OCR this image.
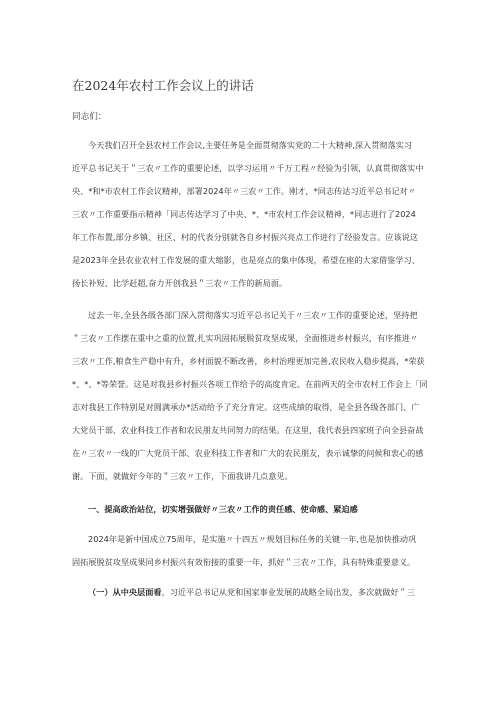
在2024年农村工作会议上的讲话
同志们：
今天我们召开全县农村工作会议,主要任务是全面贯彻落实党的二十大精神,深入贯彻落实习
近平总书记关于＂三农〃工作的重要论述，以学习运用〃千万工程〃经验为引领，认真贯彻落实中
央、*和*市农村工作会议精神，部署2024年〃三农〃工作。刚才，*同志传达习近平总书记对〃
三农〃工作重要指示精神「同志传达学习了中央、*、*市农村工作会议精神，*同志进行了2024
年工作布置,部分乡镇、社区、村的代表分别就各自乡村振兴亮点工作进行了经验发言。应该说这
是2023年全县农业农村工作发展的重大缩影，也是亮点的集中体现，希望在座的大家借鉴学习、
扬长补短、比学赶超,奋力开创我县＂三农〃工作的新局面。
过去一年,全县各级各部门深入贯彻落实习近平总书记关于〃三农〃工作的重要论述，坚持把
＂三农〃工作摆在重中之重的位置,扎实巩固拓展脱贫攻坚成果，全面推进乡村振兴，有序推进〃
三农〃工作,粮食生产稳中有升，乡村面貌不断改善，乡村治理更加完善,农民收入稳步提高，*荣获
*、*、*等荣誉。这是对我县乡村振兴各项工作给予的高度肯定。在前两天的全市农村工作会上「同
志对我县工作特别是对圆满承办*活动给予了充分肯定。这些成绩的取得，是全县各级各部门、广
大党员干部、农业科技工作者和农民朋友共同努力的结果。在这里，我代表县四家班子向全县奋战
在〃三农〃一线的广大党员干部、农业科技工作者和广大的农民朋友，表示诚挚的问候和衷心的感
谢。下面，就做好今年的＂三农〃工作，下面我讲几点意见。
一、提高政治站位，切实增强做好〃三农〃工作的责任感、使命感、紧迫感
2024年是新中国成立75周年，是实施〃十四五〃规划目标任务的关键一年,也是加快推动巩
固拓展脱贫攻坚成果同乡村振兴有效衔接的重要一年，抓好＂三农〃工作，具有特殊重要意义。
（一）从中央层面看，习近平总书记从党和国家事业发展的战略全局出发，多次就做好＂三
